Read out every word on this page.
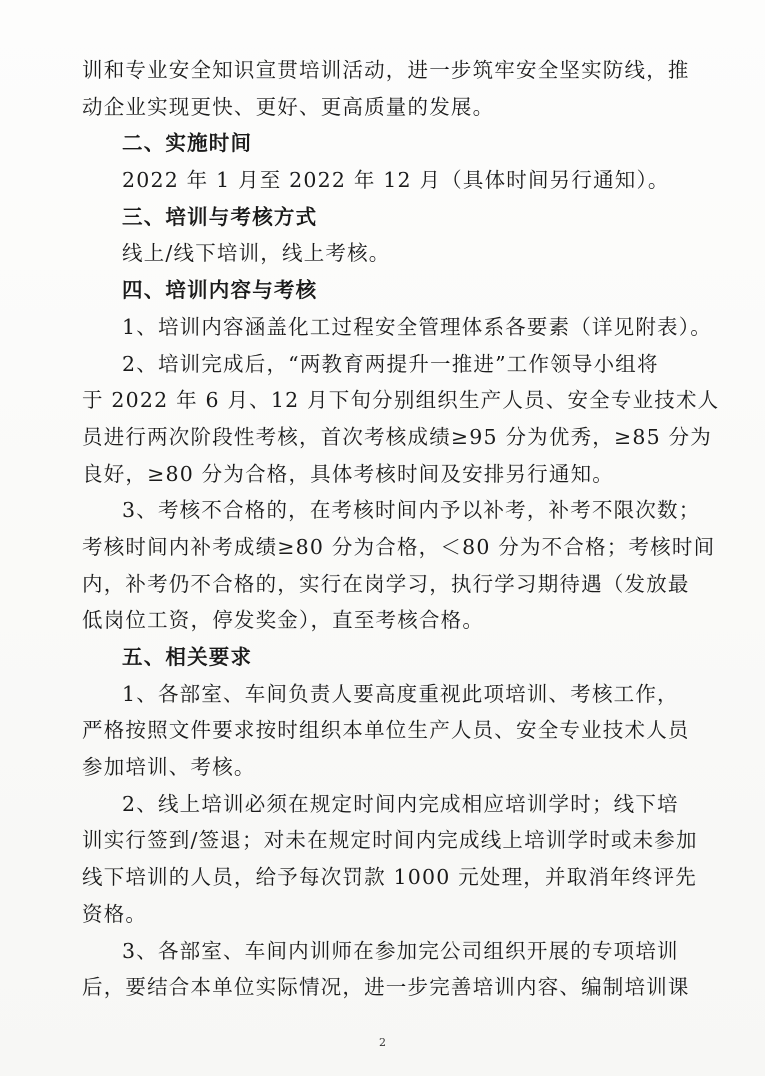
训和专业安全知识宣贯培训活动，进一步筑牢安全坚实防线，推
动企业实现更快、更好、更高质量的发展。
二、实施时间
2022 年 1 月至 2022 年 12 月（具体时间另行通知）。
三、培训与考核方式
线上/线下培训，线上考核。
四、培训内容与考核
1、培训内容涵盖化工过程安全管理体系各要素（详见附表）。
2、培训完成后，“两教育两提升一推进”工作领导小组将
于 2022 年 6 月、12 月下旬分别组织生产人员、安全专业技术人
员进行两次阶段性考核，首次考核成绩≥95 分为优秀，≥85 分为
良好，≥80 分为合格，具体考核时间及安排另行通知。
3、考核不合格的，在考核时间内予以补考，补考不限次数；
考核时间内补考成绩≥80 分为合格，＜80 分为不合格；考核时间
内，补考仍不合格的，实行在岗学习，执行学习期待遇（发放最
低岗位工资，停发奖金），直至考核合格。
五、相关要求
1、各部室、车间负责人要高度重视此项培训、考核工作，
严格按照文件要求按时组织本单位生产人员、安全专业技术人员
参加培训、考核。
2、线上培训必须在规定时间内完成相应培训学时；线下培
训实行签到/签退；对未在规定时间内完成线上培训学时或未参加
线下培训的人员，给予每次罚款 1000 元处理，并取消年终评先
资格。
3、各部室、车间内训师在参加完公司组织开展的专项培训
后，要结合本单位实际情况，进一步完善培训内容、编制培训课
2
